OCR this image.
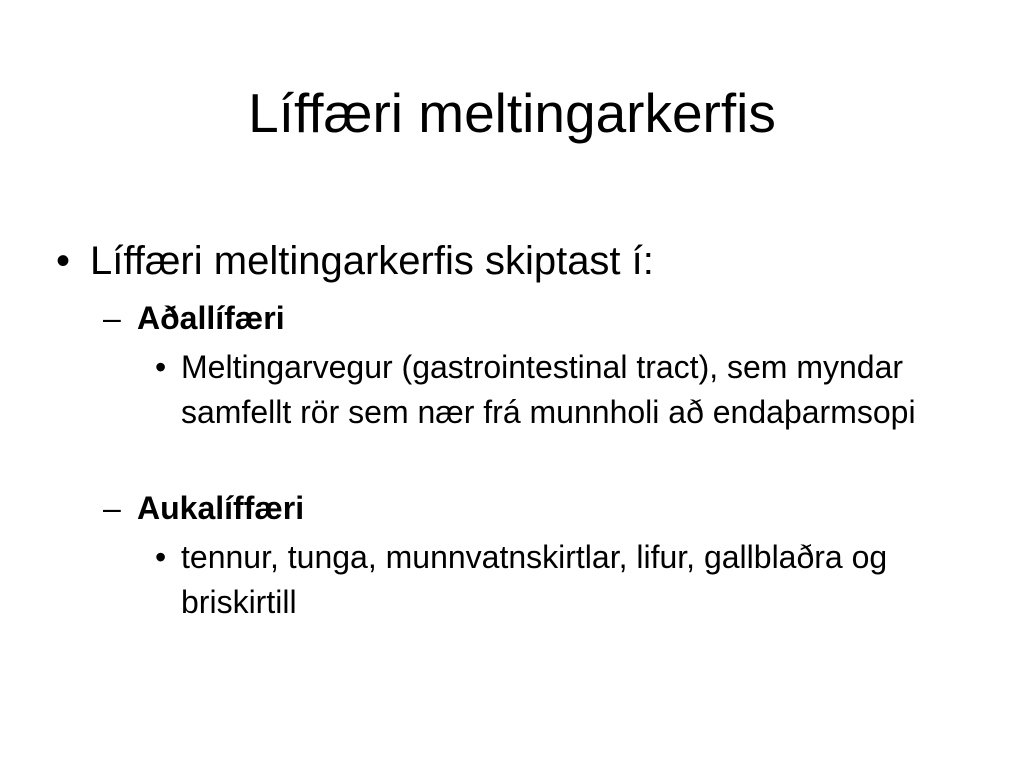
Líffæri meltingarkerfis
• Líffæri meltingarkerfis skiptast í:
– Aðallífæri
• Meltingarvegur (gastrointestinal tract), sem myndar samfellt rör sem nær frá munnholi að endaþarmsopi
– Aukalíffæri
• tennur, tunga, munnvatnskirtlar, lifur, gallblaðra og briskirtill
